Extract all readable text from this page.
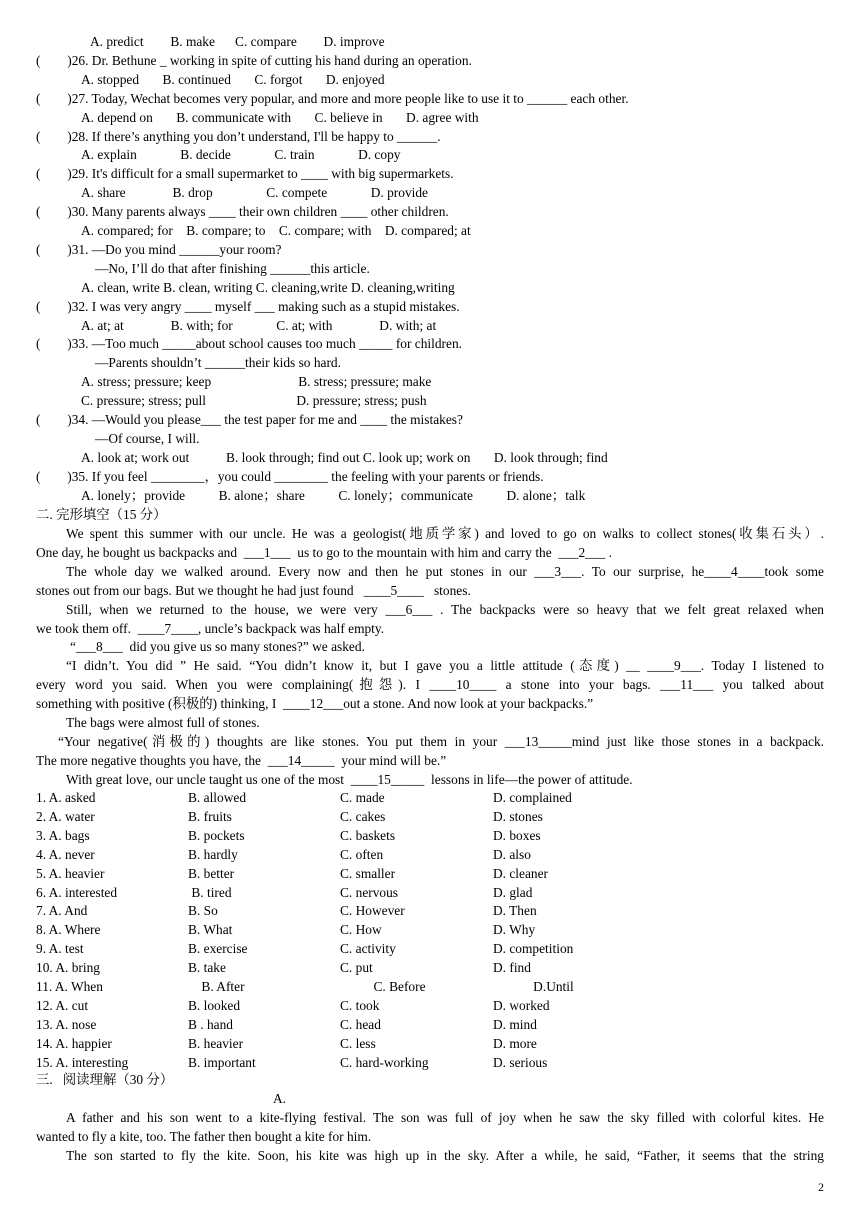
A. predict        B. make      C. compare        D. improve
(        )26. Dr. Bethune _ working in spite of cutting his hand during an operation.
A. stopped       B. continued       C. forgot       D. enjoyed
(        )27. Today, Wechat becomes very popular, and more and more people like to use it to ______ each other.
A. depend on       B. communicate with       C. believe in       D. agree with
(        )28. If there’s anything you don’t understand, I'll be happy to ______.
A. explain             B. decide             C. train             D. copy
(        )29. It's difficult for a small supermarket to ____ with big supermarkets.
A. share              B. drop                C. compete             D. provide
(        )30. Many parents always ____ their own children ____ other children.
A. compared; for    B. compare; to    C. compare; with    D. compared; at
(        )31. —Do you mind ______your room?
—No, I’ll do that after finishing ______this article.
A. clean, write B. clean, writing C. cleaning,write D. cleaning,writing
(        )32. I was very angry ____ myself ___ making such as a stupid mistakes.
A. at; at              B. with; for             C. at; with              D. with; at
(        )33. —Too much _____about school causes too much _____ for children.
—Parents shouldn’t ______their kids so hard.
A. stress; pressure; keep                          B. stress; pressure; make
C. pressure; stress; pull                           D. pressure; stress; push
(        )34. —Would you please___ the test paper for me and ____ the mistakes?
—Of course, I will.
A. look at; work out           B. look through; find out C. look up; work on       D. look through; find
(        )35. If you feel ________，you could ________ the feeling with your parents or friends.
A. lonely；provide          B. alone；share          C. lonely；communicate          D. alone；talk
二. 完形填空（15 分）
We spent this summer with our uncle. He was a geologist(地质学家) and loved to go on walks to collect stones(收集石头）.
One day, he bought us backpacks and  ___1___  us to go to the mountain with him and carry the  ___2___ .
The whole day we walked around. Every now and then he put stones in our ___3___. To our surprise, he____4____took some
stones out from our bags. But we thought he had just found   ____5____   stones.
Still, when we returned to the house, we were very ___6___ . The backpacks were so heavy that we felt great relaxed when
we took them off.  ____7____, uncle’s backpack was half empty.
“___8___  did you give us so many stones?” we asked.
“I didn’t. You did ” He said. “You didn’t know it, but I gave you a little attitude (态度) __ ____9___. Today I listened to
every word you said. When you were complaining(抱怨). I ____10____ a stone into your bags. ___11___ you talked about
something with positive (积极的) thinking, I  ____12___out a stone. And now look at your backpacks.”
The bags were almost full of stones.
“Your negative(消极的) thoughts are like stones. You put them in your ___13_____mind just like those stones in a backpack.
The more negative thoughts you have, the  ___14_____  your mind will be.”
With great love, our uncle taught us one of the most  ____15_____  lessons in life—the power of attitude.
1. A. asked	B. allowed	C. made	D. complained
2. A. water	B. fruits	C. cakes	D. stones
3. A. bags	B. pockets	C. baskets	D. boxes
4. A. never	B. hardly	C. often	D. also
5. A. heavier	B. better	C. smaller	D. cleaner
6. A. interested	B. tired	C. nervous	D. glad
7. A. And	B. So	C. However	D. Then
8. A. Where	B. What	C. How	D. Why
9. A. test	B. exercise	C. activity	D. competition
10. A. bring	B. take	C. put	D. find
11. A. When	B. After	C. Before	D.Until
12. A. cut	B. looked	C. took	D. worked
13. A. nose	B . hand	C. head	D. mind
14. A. happier	B. heavier	C. less	D. more
15. A. interesting	B. important	C. hard-working	D. serious
三.   阅读理解（30 分）
A.
A father and his son went to a kite-flying festival. The son was full of joy when he saw the sky filled with colorful kites. He
wanted to fly a kite, too. The father then bought a kite for him.
The son started to fly the kite. Soon, his kite was high up in the sky. After a while, he said, “Father, it seems that the string
2
